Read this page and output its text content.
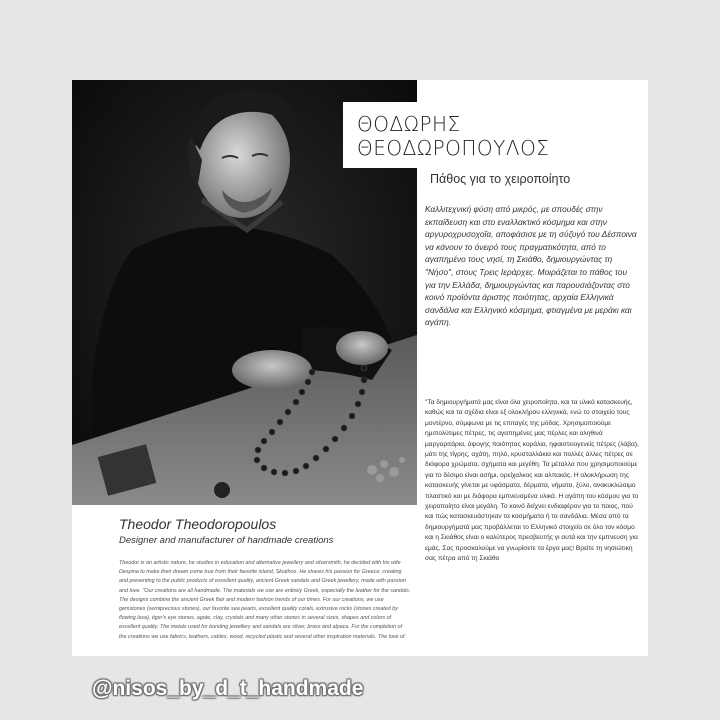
ΘΟΔΩΡΗΣ
ΘΕΟΔΩΡΟΠΟΥΛΟΣ
Πάθος για το χειροποίητο

Καλλιτεχνική φύση από μικρός, με σπουδές στην εκπαίδευση και στο εναλλακτικό κόσμημα και στην αργυροχρυσοχοΐα, αποφάσισε με τη σύζυγό του Δέσποινα να κάνουν το όνειρό τους πραγματικότητα, από το αγαπημένο τους νησί, τη Σκιάθο, δημιουργώντας τη "Νήσο", στους Τρεις Ιεράρχες. Μοιράζεται το πάθος του για την Ελλάδα, δημιουργώντας και παρουσιάζοντας στο κοινό προϊόντα άριστης ποιότητας, αρχαία Ελληνικά σανδάλια και Ελληνικό κόσμημα, φτιαγμένα με μεράκι και αγάπη.

"Τα δημιουργήματά μας είναι όλα χειροποίητα, και τα υλικά κατασκευής, καθώς και τα σχέδια είναι εξ ολοκλήρου ελληνικά, ενώ το στοιχείο τους μοντέρνο, σύμφωνα με τις επιταγές της μόδας. Χρησιμοποιούμε ημιπολύτιμες πέτρες, τις αγαπημένες μας πέρλες και αληθινά μαργαριτάρια, άψογης ποιότητας κοράλια, ηφαιστειογενείς πέτρες (λάβα), μάτι της τίγρης, αχάτη, πηλό, κρυσταλλάκια και πολλές άλλες πέτρες σε διάφορα χρώματα, σχήματα και μεγέθη. Τα μέταλλα που χρησιμοποιούμε για το δέσιμο είναι ασήμι, ορείχαλκος και αλπακάς. Η ολοκλήρωση της κατασκευής γίνεται με υφάσματα, δέρματα, νήματα, ξύλο, ανακυκλώσιμο πλαστικό και με διάφορα εμπνευσμένα υλικά. Η αγάπη του κόσμου για το χειροποίητο είναι μεγάλη. Το κοινό δείχνει ενδιαφέρον για το ποιος, πού και πώς κατασκευάστηκαν τα κοσμήματα ή τα σανδάλια. Μέσα από τα δημιουργήματά μας προβάλλεται το Ελληνικό στοιχείο σε όλο τον κόσμο και η Σκιάθος είναι ο καλύτερος πρεσβευτής γι αυτά και την εμπνευση για εμάς. Σας προσκαλούμε να γνωρίσετε τα έργα μας! Βρείτε τη νησιώτικη σας πέτρα από τη Σκιάθο

Theodor Theodoropoulos
Designer and manufacturer of handmade creations

Theodor is an artistic nature, he studies in education and alternative jewellery and silversmith, he decided with his wife Despina to make their dream come true from their favorite island, Skiathos. He shares his passion for Greece, creating and presenting to the public products of excellent quality, ancient Greek sandals and Greek jewellery, made with passion and love. "Our creations are all handmade. The materials we use are entirely Greek, especially the leather for the sandals. The designs combine the ancient Greek flair and modern fashion trends of our times. For our creations, we use gemstones (semiprecious stones), our favorite sea pearls, excellent quality corals, extrusive rocks (stones created by flowing lava), tiger's eye stones, agate, clay, crystals and many other stones in several sizes, shapes and colors of excellent quality. The metals used for bonding jewellery and sandals are silver, brass and alpaca. For the completion of the creations we use fabrics, leathers, cables, wood, recycled plastic and several other inspiration materials. The love of

@nisos_by_d_t_handmade
